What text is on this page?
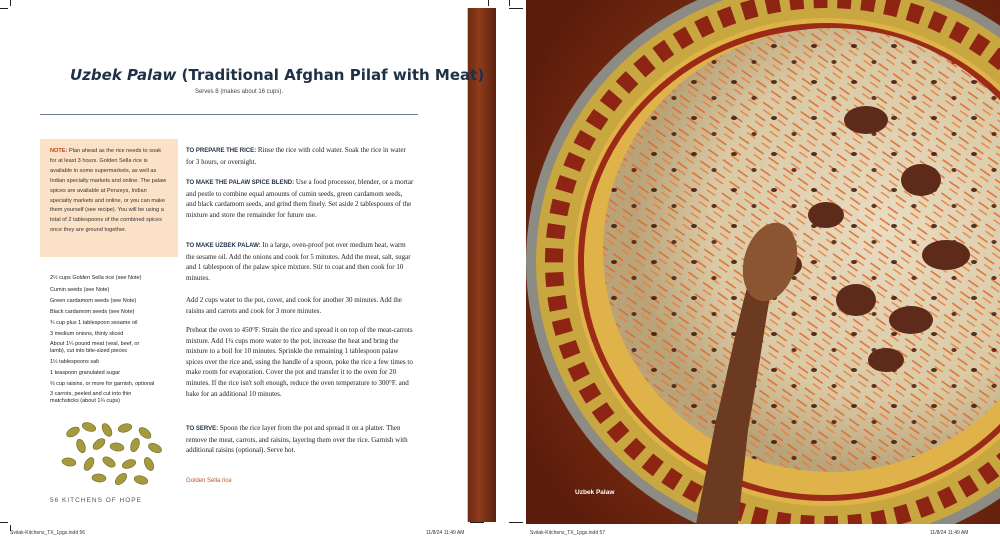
Uzbek Palaw (Traditional Afghan Pilaf with Meat)
Serves 8 (makes about 16 cups).
NOTE: Plan ahead as the rice needs to soak for at least 3 hours. Golden Sella rice is available in some supermarkets, as well as Indian specialty markets and online. The palaw spices are available at Penzeys, Indian specialty markets and online, or you can make them yourself (see recipe). You will be using a total of 2 tablespoons of the combined spices once they are ground together.
2½ cups Golden Sella rice (see Note)
Cumin seeds (see Note)
Green cardamom seeds (see Note)
Black cardamom seeds (see Note)
¾ cup plus 1 tablespoon sesame oil
3 medium onions, thinly sliced
About 1¼ pound meat (veal, beef, or lamb), cut into bite-sized pieces
1½ tablespoons salt
1 teaspoon granulated sugar
⅔ cup raisins, or more for garnish, optional
3 carrots, peeled and cut into thin matchsticks (about 1¼ cups)
TO PREPARE THE RICE: Rinse the rice with cold water. Soak the rice in water for 3 hours, or overnight.
TO MAKE THE PALAW SPICE BLEND: Use a food processor, blender, or a mortar and pestle to combine equal amounts of cumin seeds, green cardamom seeds, and black cardamom seeds, and grind them finely. Set aside 2 tablespoons of the mixture and store the remainder for future use.
TO MAKE UZBEK PALAW: In a large, oven-proof pot over medium heat, warm the sesame oil. Add the onions and cook for 5 minutes. Add the meat, salt, sugar and 1 tablespoon of the palaw spice mixture. Stir to coat and then cook for 10 minutes.
Add 2 cups water to the pot, cover, and cook for another 30 minutes. Add the raisins and carrots and cook for 3 more minutes.
Preheat the oven to 450°F. Strain the rice and spread it on top of the meat-carrots mixture. Add 1¼ cups more water to the pot, increase the heat and bring the mixture to a boil for 10 minutes. Sprinkle the remaining 1 tablespoon palaw spices over the rice and, using the handle of a spoon, poke the rice a few times to make room for evaporation. Cover the pot and transfer it to the oven for 20 minutes. If the rice isn't soft enough, reduce the oven temperature to 300°F. and bake for an additional 10 minutes.
TO SERVE: Spoon the rice layer from the pot and spread it on a platter. Then remove the meat, carrots, and raisins, layering them over the rice. Garnish with additional raisins (optional). Serve hot.
Golden Sella rice
56 KITCHENS OF HOPE
Uzbek Palaw
Svitak-Kitchens_TX_1pgs.indd 56	11/8/24 11:49 AM	Svitak-Kitchens_TX_1pgs.indd 57	11/8/24 11:49 AM
